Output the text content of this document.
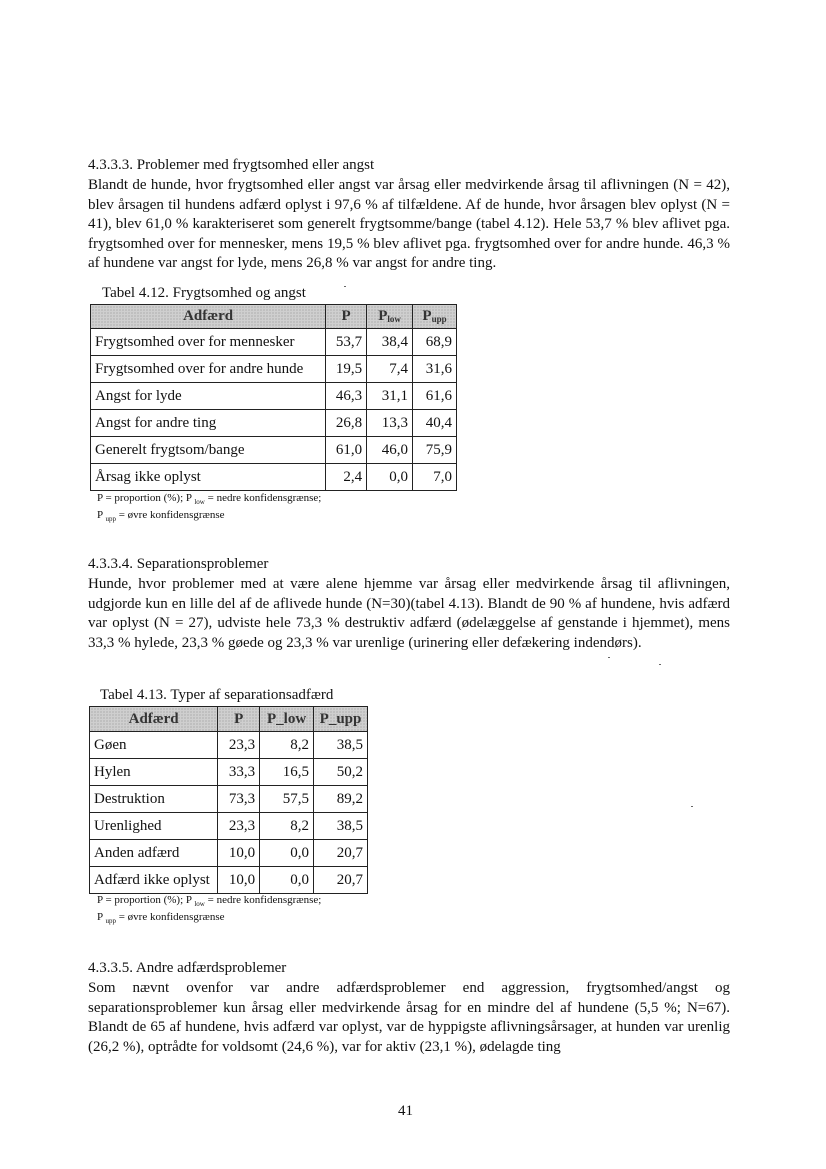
4.3.3.3. Problemer med frygtsomhed eller angst

Blandt de hunde, hvor frygtsomhed eller angst var årsag eller medvirkende årsag til aflivningen (N = 42), blev årsagen til hundens adfærd oplyst i 97,6 % af tilfældene. Af de hunde, hvor årsagen blev oplyst (N = 41), blev 61,0 % karakteriseret som generelt frygtsomme/bange (tabel 4.12). Hele 53,7 % blev aflivet pga. frygtsomhed over for mennesker, mens 19,5 % blev aflivet pga. frygtsomhed over for andre hunde. 46,3 % af hundene var angst for lyde, mens 26,8 % var angst for andre ting.

Tabel 4.12. Frygtsomhed og angst
Adfærd	P	$P_{low}$	$P_{upp}$
Frygtsomhed over for mennesker	53,7	38,4	68,9
Frygtsomhed over for andre hunde	19,5	7,4	31,6
Angst for lyde	46,3	31,1	61,6
Angst for andre ting	26,8	13,3	40,4
Generelt frygtsom/bange	61,0	46,0	75,9
Årsag ikke oplyst	2,4	0,0	7,0
P = proportion (%); P $_{low}$ = nedre konfidensgrænse;
P $_{upp}$ = øvre konfidensgrænse
4.3.3.4. Separationsproblemer

Hunde, hvor problemer med at være alene hjemme var årsag eller medvirkende årsag til aflivningen, udgjorde kun en lille del af de aflivede hunde (N=30)(tabel 4.13). Blandt de 90 % af hundene, hvis adfærd var oplyst (N = 27), udviste hele 73,3 % destruktiv adfærd (ødelæggelse af genstande i hjemmet), mens 33,3 % hylede, 23,3 % gøede og 23,3 % var urenlige (urinering eller defækering indendørs).

Tabel 4.13. Typer af separationsadfærd
Adfærd	P	P_low	P_upp
Gøen	23,3	8,2	38,5
Hylen	33,3	16,5	50,2
Destruktion	73,3	57,5	89,2
Urenlighed	23,3	8,2	38,5
Anden adfærd	10,0	0,0	20,7
Adfærd ikke oplyst	10,0	0,0	20,7
P = proportion (%); P $_{low}$ = nedre konfidensgrænse;
P $_{upp}$ = øvre konfidensgrænse
4.3.3.5. Andre adfærdsproblemer

Som nævnt ovenfor var andre adfærdsproblemer end aggression, frygtsomhed/angst og separationsproblemer kun årsag eller medvirkende årsag for en mindre del af hundene (5,5 %; N=67). Blandt de 65 af hundene, hvis adfærd var oplyst, var de hyppigste aflivningsårsager, at hunden var urenlig (26,2 %), optrådte for voldsomt (24,6 %), var for aktiv (23,1 %), ødelagde ting

41
